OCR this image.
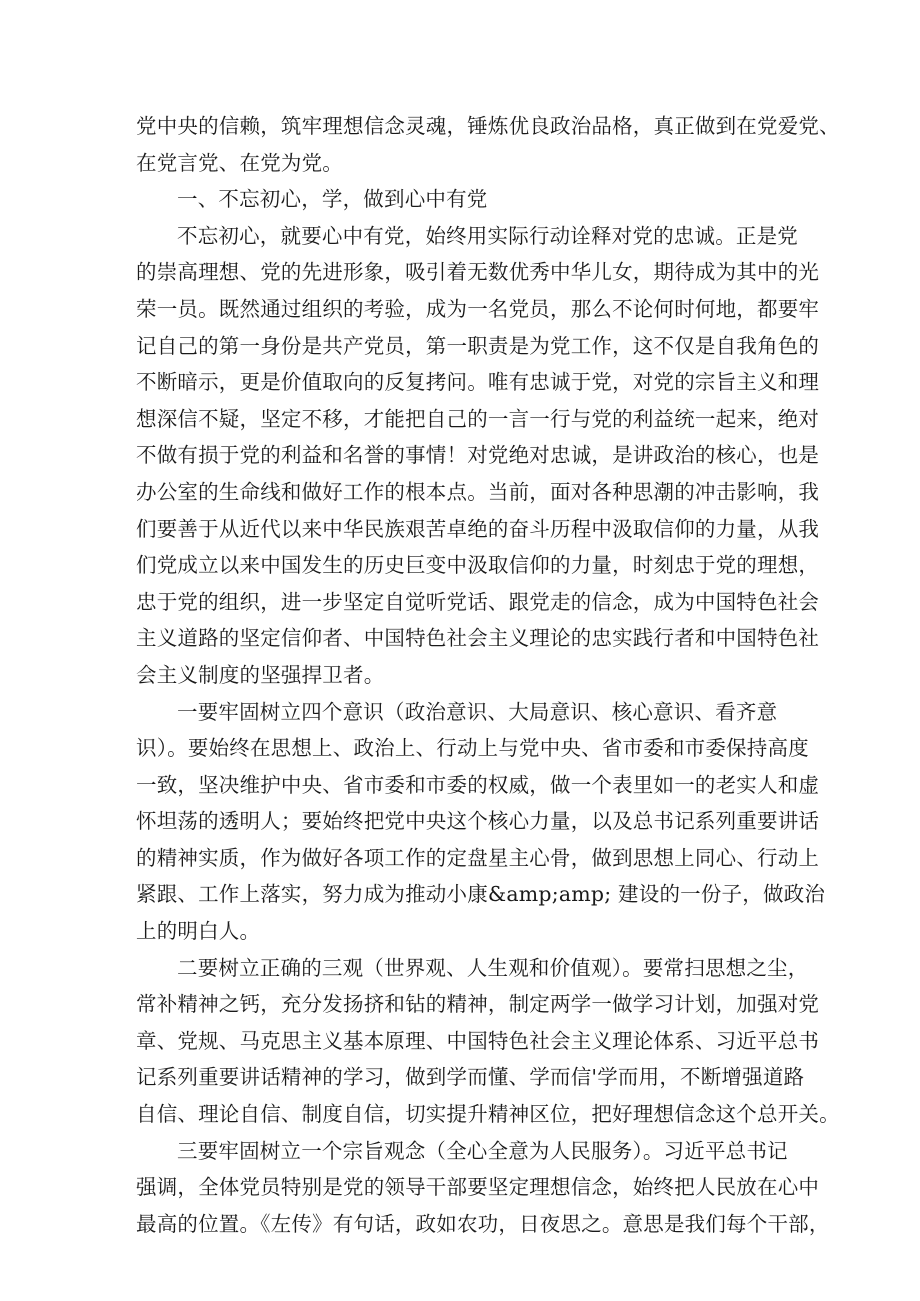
党中央的信赖，筑牢理想信念灵魂，锤炼优良政治品格，真正做到在党爱党、
在党言党、在党为党。
一、不忘初心，学，做到心中有党
不忘初心，就要心中有党，始终用实际行动诠释对党的忠诚。正是党
的崇高理想、党的先进形象，吸引着无数优秀中华儿女，期待成为其中的光
荣一员。既然通过组织的考验，成为一名党员，那么不论何时何地，都要牢
记自己的第一身份是共产党员，第一职责是为党工作，这不仅是自我角色的
不断暗示，更是价值取向的反复拷问。唯有忠诚于党，对党的宗旨主义和理
想深信不疑，坚定不移，才能把自己的一言一行与党的利益统一起来，绝对
不做有损于党的利益和名誉的事情！对党绝对忠诚，是讲政治的核心，也是
办公室的生命线和做好工作的根本点。当前，面对各种思潮的冲击影响，我
们要善于从近代以来中华民族艰苦卓绝的奋斗历程中汲取信仰的力量，从我
们党成立以来中国发生的历史巨变中汲取信仰的力量，时刻忠于党的理想，
忠于党的组织，进一步坚定自觉听党话、跟党走的信念，成为中国特色社会
主义道路的坚定信仰者、中国特色社会主义理论的忠实践行者和中国特色社
会主义制度的坚强捍卫者。
一要牢固树立四个意识（政治意识、大局意识、核心意识、看齐意
识）。要始终在思想上、政治上、行动上与党中央、省市委和市委保持高度
一致，坚决维护中央、省市委和市委的权威，做一个表里如一的老实人和虚
怀坦荡的透明人；要始终把党中央这个核心力量，以及总书记系列重要讲话
的精神实质，作为做好各项工作的定盘星主心骨，做到思想上同心、行动上
紧跟、工作上落实，努力成为推动小康&amp;amp; 建设的一份子，做政治
上的明白人。
二要树立正确的三观（世界观、人生观和价值观）。要常扫思想之尘，
常补精神之钙，充分发扬挤和钻的精神，制定两学一做学习计划，加强对党
章、党规、马克思主义基本原理、中国特色社会主义理论体系、习近平总书
记系列重要讲话精神的学习，做到学而懂、学而信'学而用，不断增强道路
自信、理论自信、制度自信，切实提升精神区位，把好理想信念这个总开关。
三要牢固树立一个宗旨观念（全心全意为人民服务）。习近平总书记
强调，全体党员特别是党的领导干部要坚定理想信念，始终把人民放在心中
最高的位置。《左传》有句话，政如农功，日夜思之。意思是我们每个干部，
